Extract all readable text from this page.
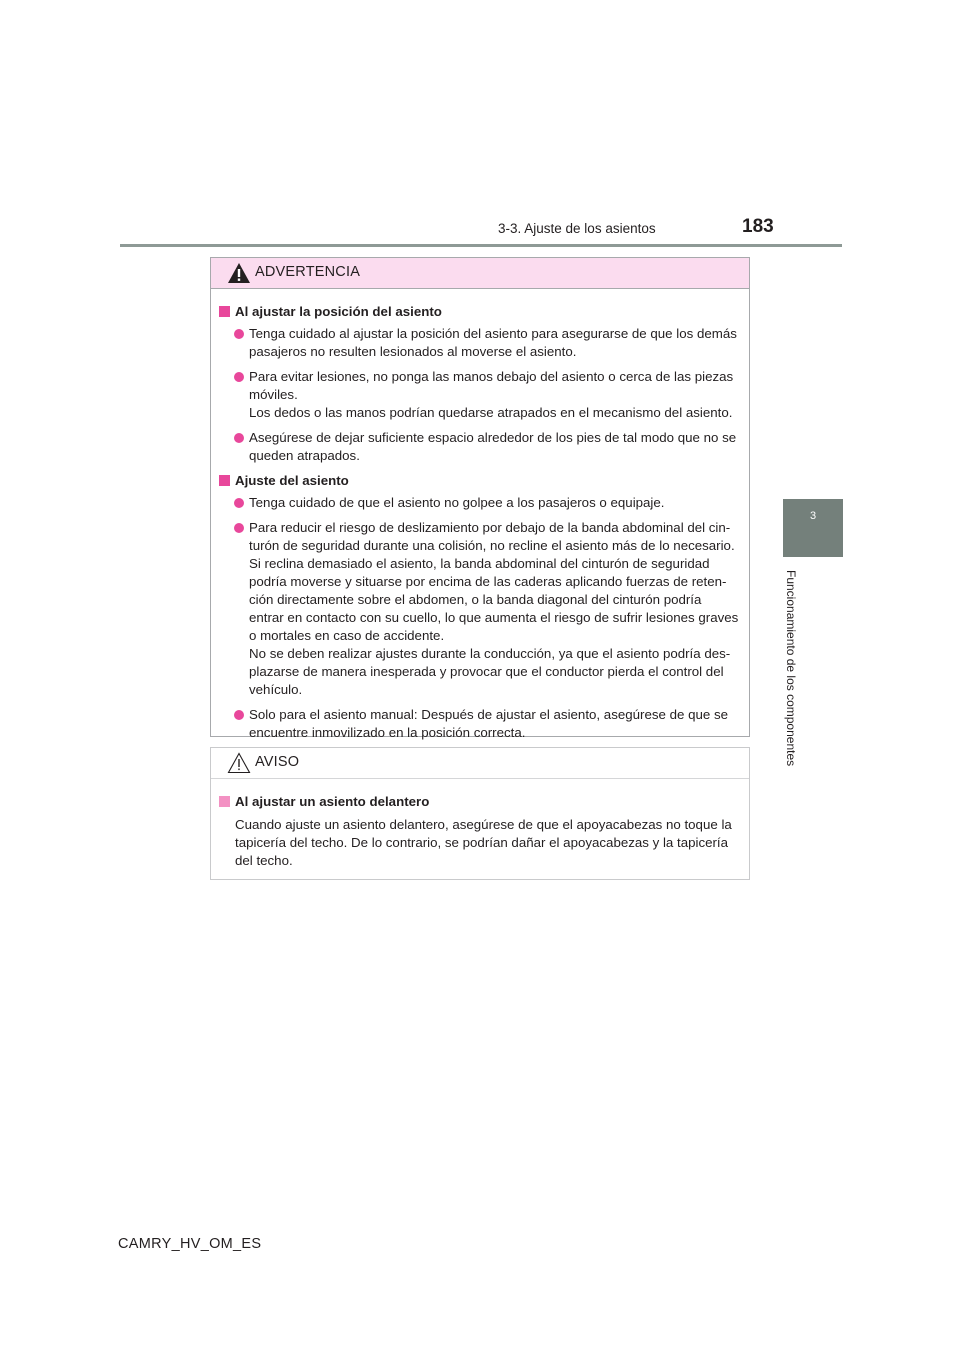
3-3. Ajuste de los asientos	183
3
Funcionamiento de los componentes
ADVERTENCIA
Al ajustar la posición del asiento
Tenga cuidado al ajustar la posición del asiento para asegurarse de que los demás
pasajeros no resulten lesionados al moverse el asiento.
Para evitar lesiones, no ponga las manos debajo del asiento o cerca de las piezas
móviles.
Los dedos o las manos podrían quedarse atrapados en el mecanismo del asiento.
Asegúrese de dejar suficiente espacio alrededor de los pies de tal modo que no se
queden atrapados.
Ajuste del asiento
Tenga cuidado de que el asiento no golpee a los pasajeros o equipaje.
Para reducir el riesgo de deslizamiento por debajo de la banda abdominal del cin-
turón de seguridad durante una colisión, no recline el asiento más de lo necesario.
Si reclina demasiado el asiento, la banda abdominal del cinturón de seguridad
podría moverse y situarse por encima de las caderas aplicando fuerzas de reten-
ción directamente sobre el abdomen, o la banda diagonal del cinturón podría
entrar en contacto con su cuello, lo que aumenta el riesgo de sufrir lesiones graves
o mortales en caso de accidente.
No se deben realizar ajustes durante la conducción, ya que el asiento podría des-
plazarse de manera inesperada y provocar que el conductor pierda el control del
vehículo.
Solo para el asiento manual: Después de ajustar el asiento, asegúrese de que se
encuentre inmovilizado en la posición correcta.
AVISO
Al ajustar un asiento delantero
Cuando ajuste un asiento delantero, asegúrese de que el apoyacabezas no toque la
tapicería del techo. De lo contrario, se podrían dañar el apoyacabezas y la tapicería
del techo.
CAMRY_HV_OM_ES
